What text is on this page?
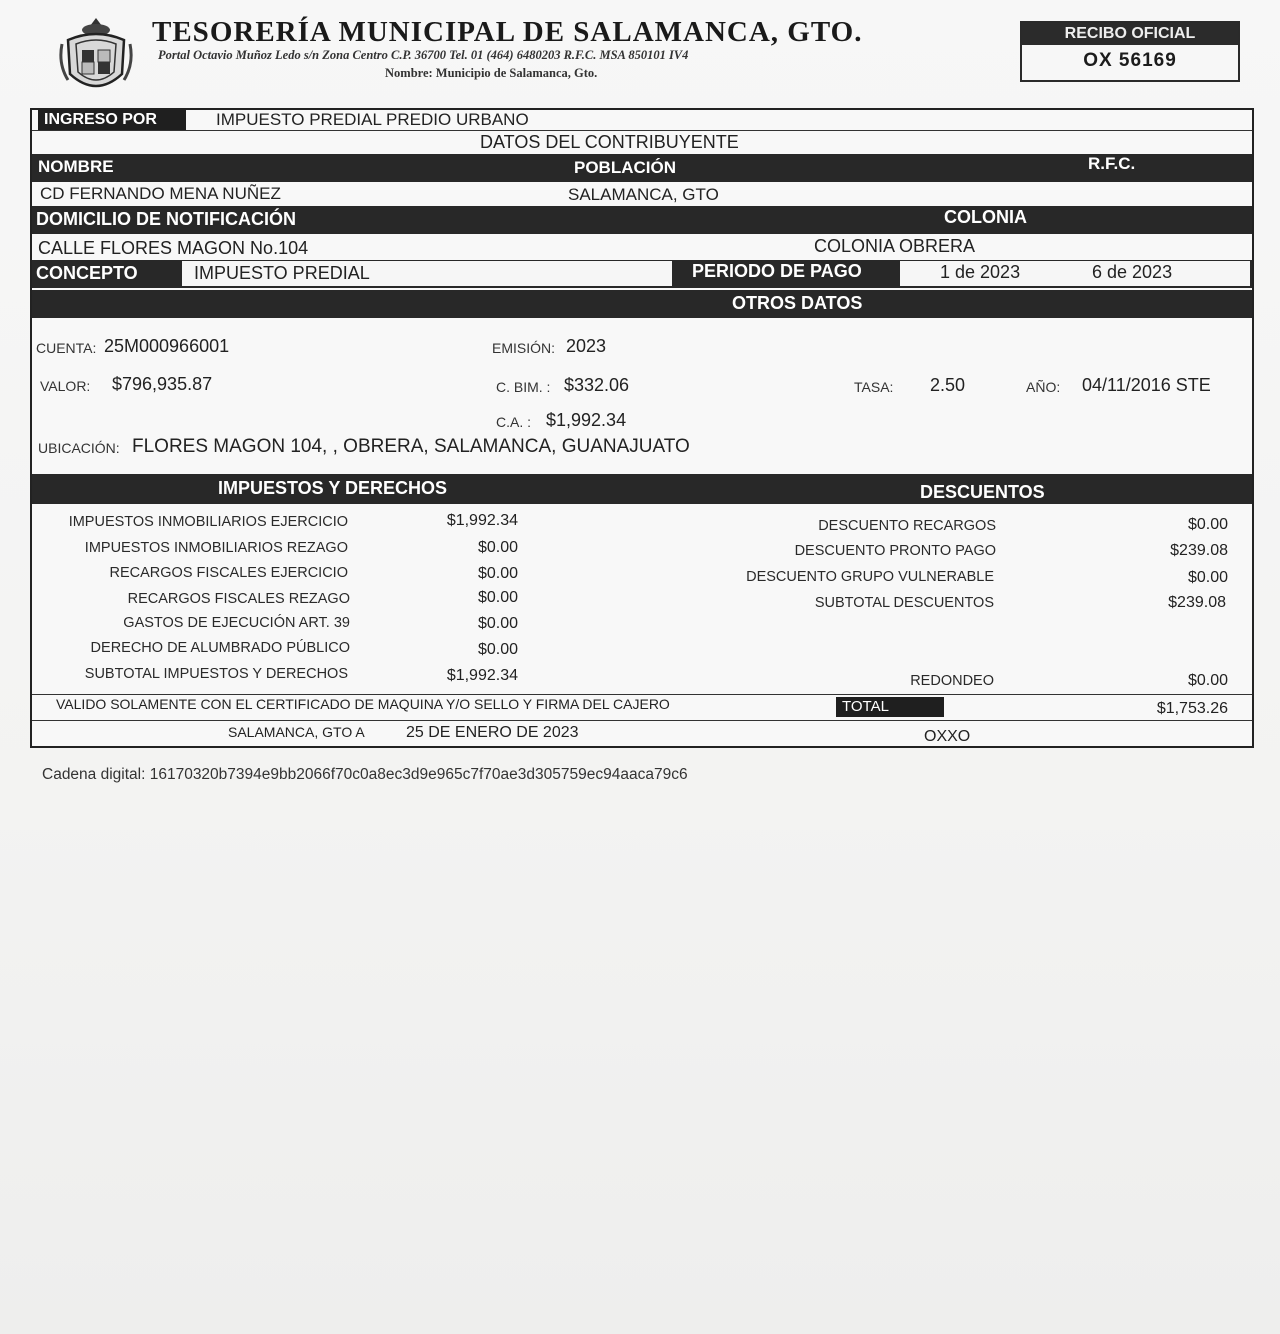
TESORERÍA MUNICIPAL DE SALAMANCA, GTO.
Portal Octavio Muñoz Ledo s/n Zona Centro C.P. 36700 Tel. 01 (464) 6480203 R.F.C. MSA 850101 IV4
Nombre: Municipio de Salamanca, Gto.
RECIBO OFICIAL
OX 56169
INGRESO POR	IMPUESTO PREDIAL PREDIO URBANO
DATOS DEL CONTRIBUYENTE
NOMBRE	POBLACIÓN	R.F.C.
CD FERNANDO MENA NUÑEZ	SALAMANCA, GTO
DOMICILIO DE NOTIFICACIÓN	COLONIA
CALLE FLORES MAGON No.104	COLONIA OBRERA
CONCEPTO	IMPUESTO PREDIAL	PERIODO DE PAGO	1 de 2023	6 de 2023
OTROS DATOS
CUENTA: 25M000966001	EMISIÓN: 2023
VALOR: $796,935.87	C. BIM. : $332.06	TASA: 2.50	AÑO: 04/11/2016 STE
C.A. : $1,992.34
UBICACIÓN: FLORES MAGON 104, , OBRERA, SALAMANCA, GUANAJUATO
IMPUESTOS Y DERECHOS	DESCUENTOS
IMPUESTOS INMOBILIARIOS EJERCICIO	$1,992.34
IMPUESTOS INMOBILIARIOS REZAGO	$0.00
RECARGOS FISCALES EJERCICIO	$0.00
RECARGOS FISCALES REZAGO	$0.00
GASTOS DE EJECUCIÓN ART. 39	$0.00
DERECHO DE ALUMBRADO PÚBLICO	$0.00
SUBTOTAL IMPUESTOS Y DERECHOS	$1,992.34
DESCUENTO RECARGOS	$0.00
DESCUENTO PRONTO PAGO	$239.08
DESCUENTO GRUPO VULNERABLE	$0.00
SUBTOTAL DESCUENTOS	$239.08
REDONDEO	$0.00
VALIDO SOLAMENTE CON EL CERTIFICADO DE MAQUINA Y/O SELLO Y FIRMA DEL CAJERO	TOTAL	$1,753.26
SALAMANCA, GTO A	25 DE ENERO DE 2023	OXXO
Cadena digital: 16170320b7394e9bb2066f70c0a8ec3d9e965c7f70ae3d305759ec94aaca79c6
